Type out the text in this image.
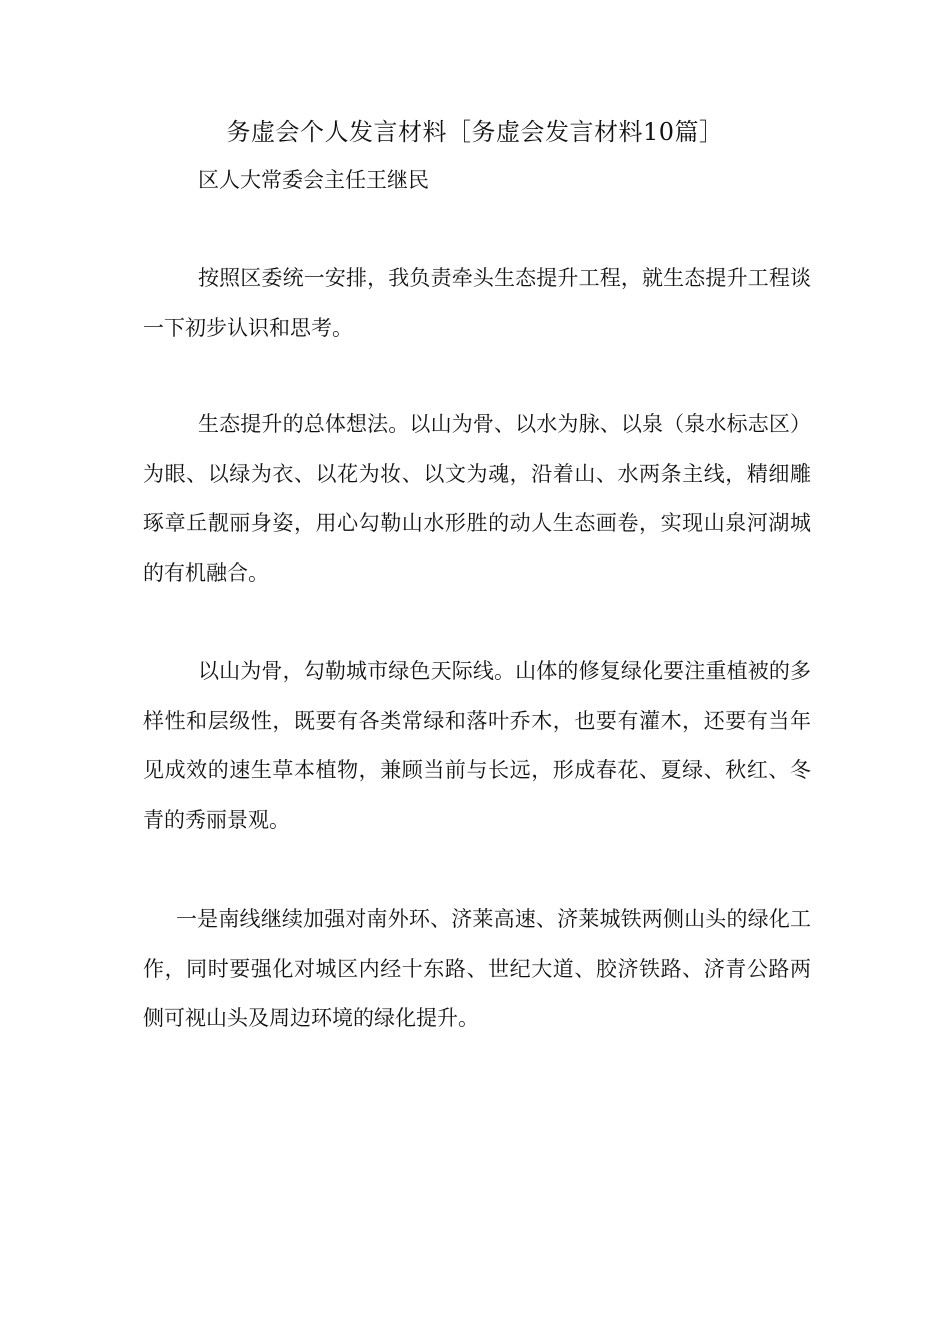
务虚会个人发言材料［务虚会发言材料10篇］
区人大常委会主任王继民

按照区委统一安排，我负责牵头生态提升工程，就生态提升工程谈一下初步认识和思考。

生态提升的总体想法。以山为骨、以水为脉、以泉（泉水标志区）为眼、以绿为衣、以花为妆、以文为魂，沿着山、水两条主线，精细雕琢章丘靓丽身姿，用心勾勒山水形胜的动人生态画卷，实现山泉河湖城的有机融合。

以山为骨，勾勒城市绿色天际线。山体的修复绿化要注重植被的多样性和层级性，既要有各类常绿和落叶乔木，也要有灌木，还要有当年见成效的速生草本植物，兼顾当前与长远，形成春花、夏绿、秋红、冬青的秀丽景观。

一是南线继续加强对南外环、济莱高速、济莱城铁两侧山头的绿化工作，同时要强化对城区内经十东路、世纪大道、胶济铁路、济青公路两侧可视山头及周边环境的绿化提升。
